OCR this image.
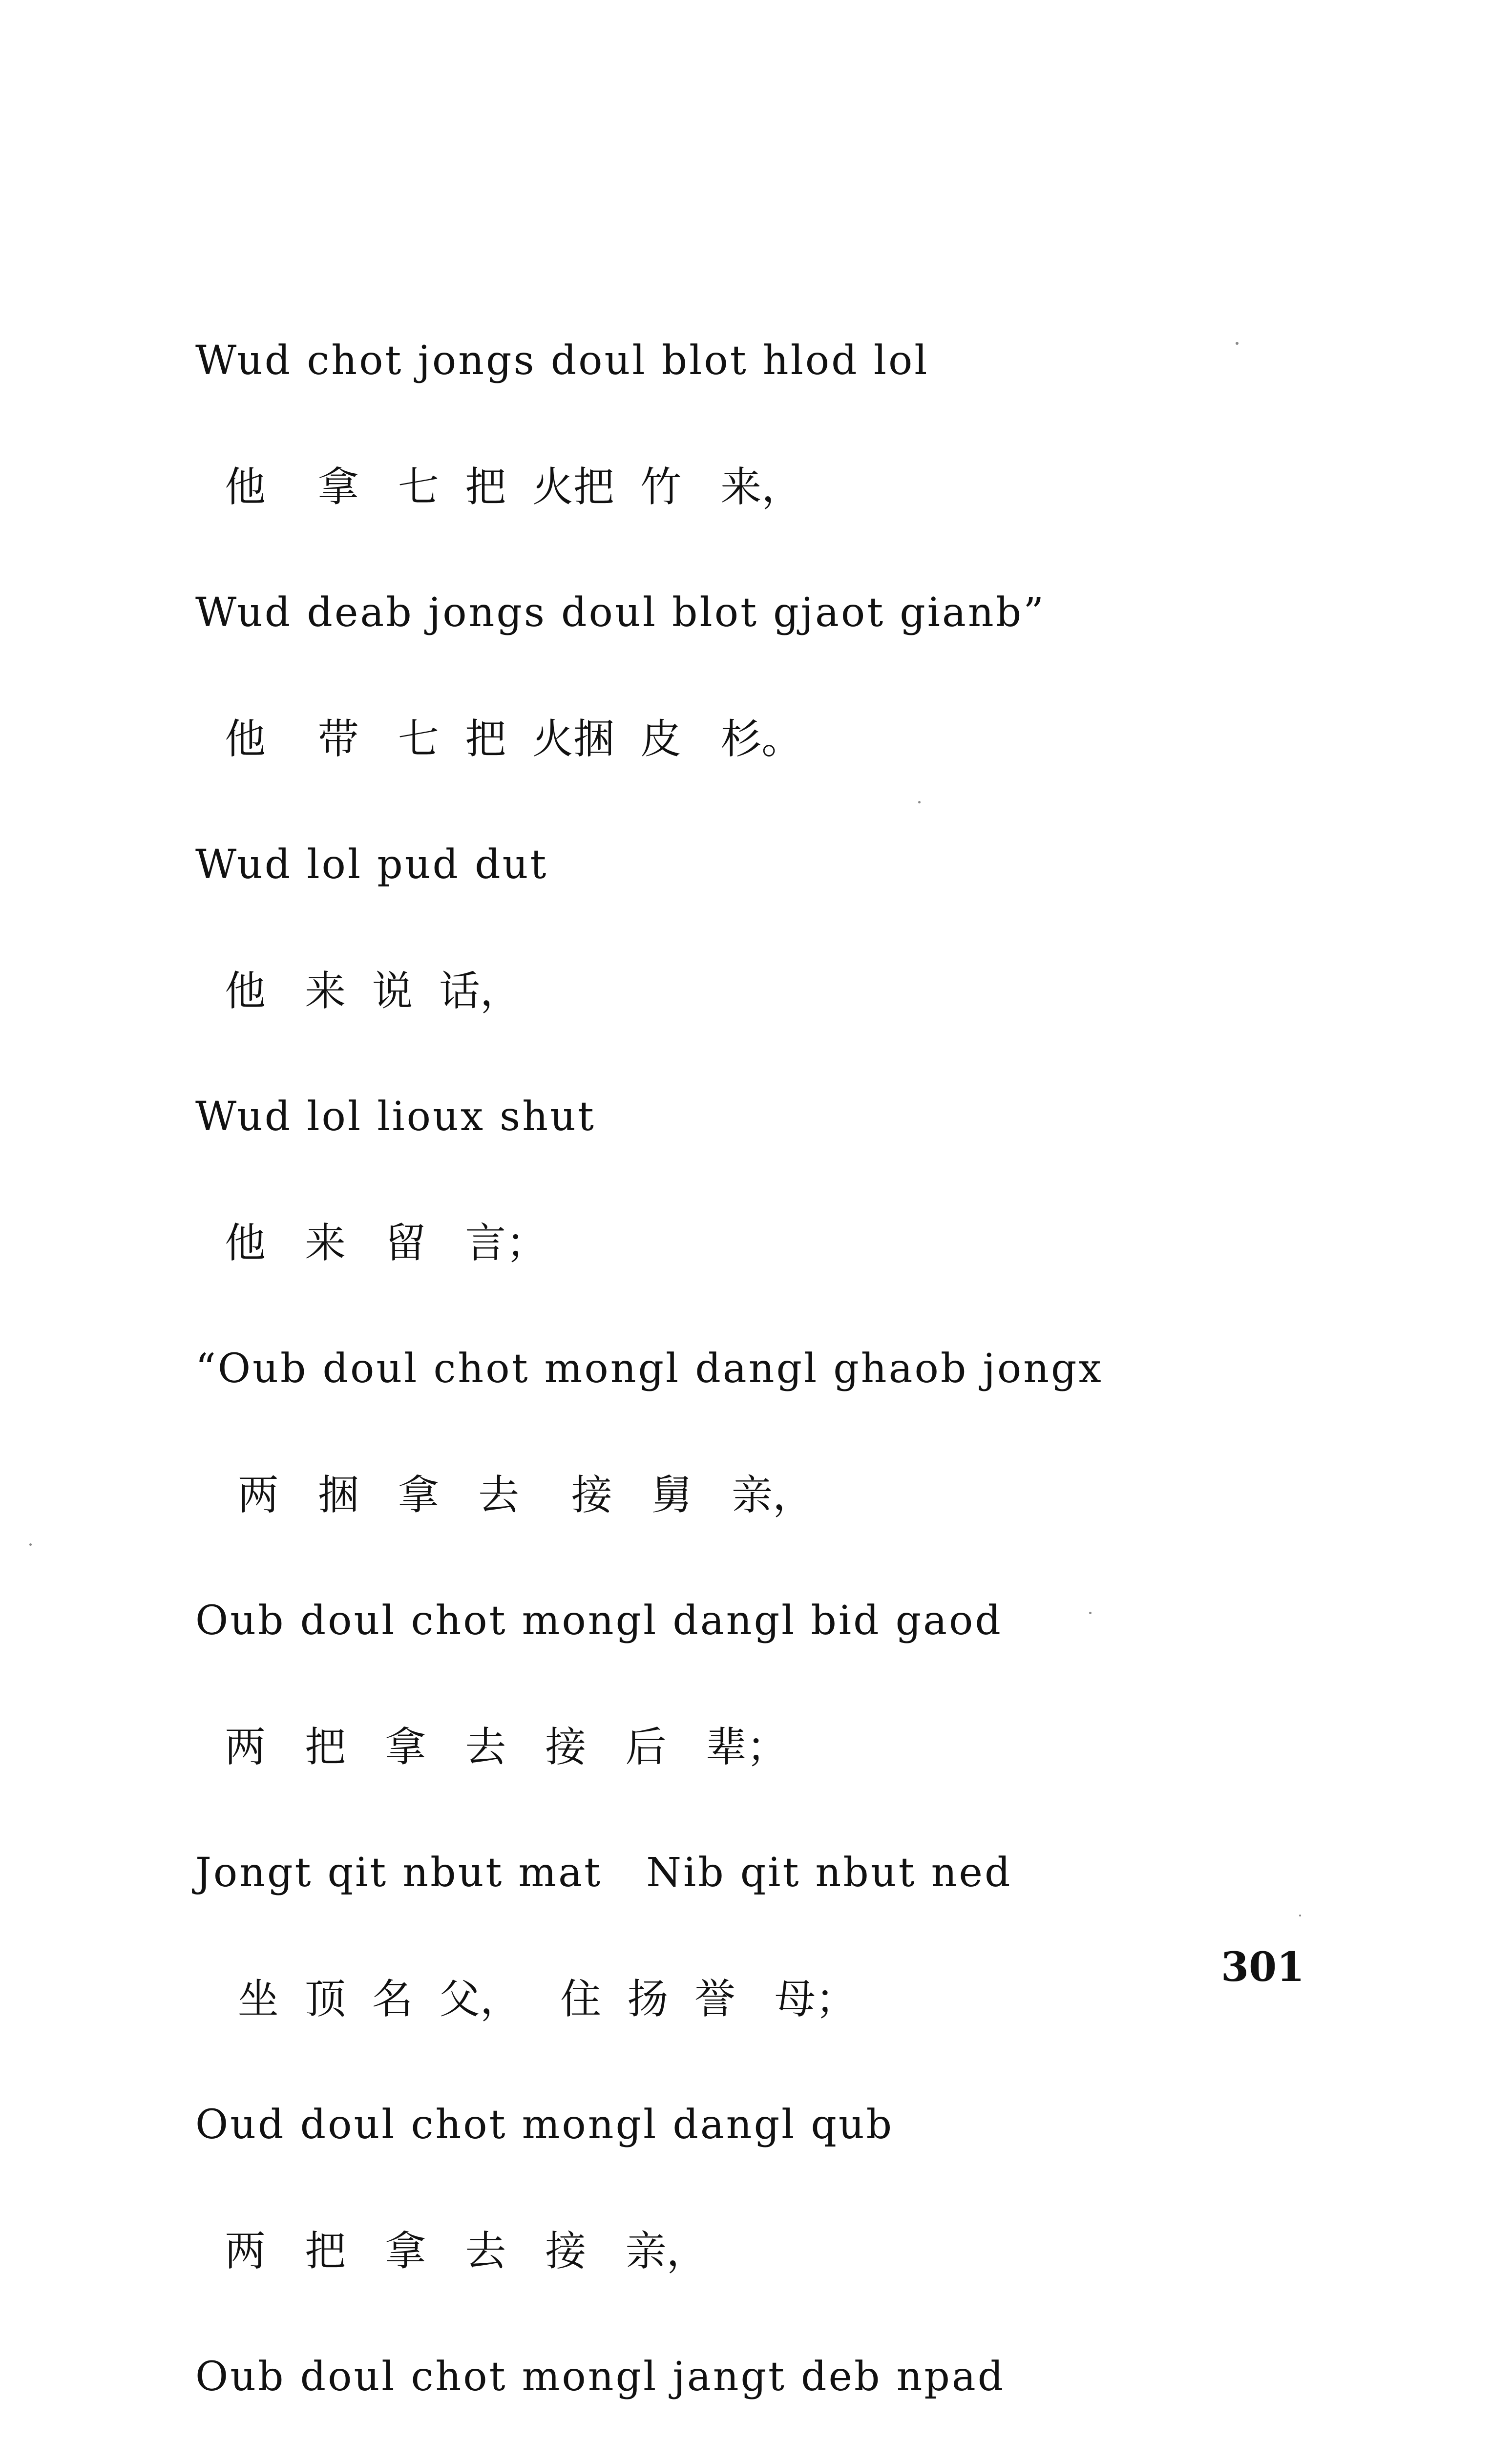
Wud chot jongs doul blot hlod lol
他    拿   七  把  火把  竹   来，
Wud deab jongs doul blot gjaot gianb”
他    带   七  把  火捆  皮   杉。
Wud lol pud dut
他   来  说  话，
Wud lol lioux shut
他   来   留   言；
“Oub doul chot mongl dangl ghaob jongx
两   捆   拿   去    接   舅   亲，
Oub doul chot mongl dangl bid gaod
两   把   拿   去   接   后   辈；
Jongt qit nbut mat   Nib qit nbut ned
坐  顶  名  父，   住  扬  誉   母；
Oud doul chot mongl dangl qub
两   把   拿   去   接   亲，
Oub doul chot mongl jangt deb npad
301
